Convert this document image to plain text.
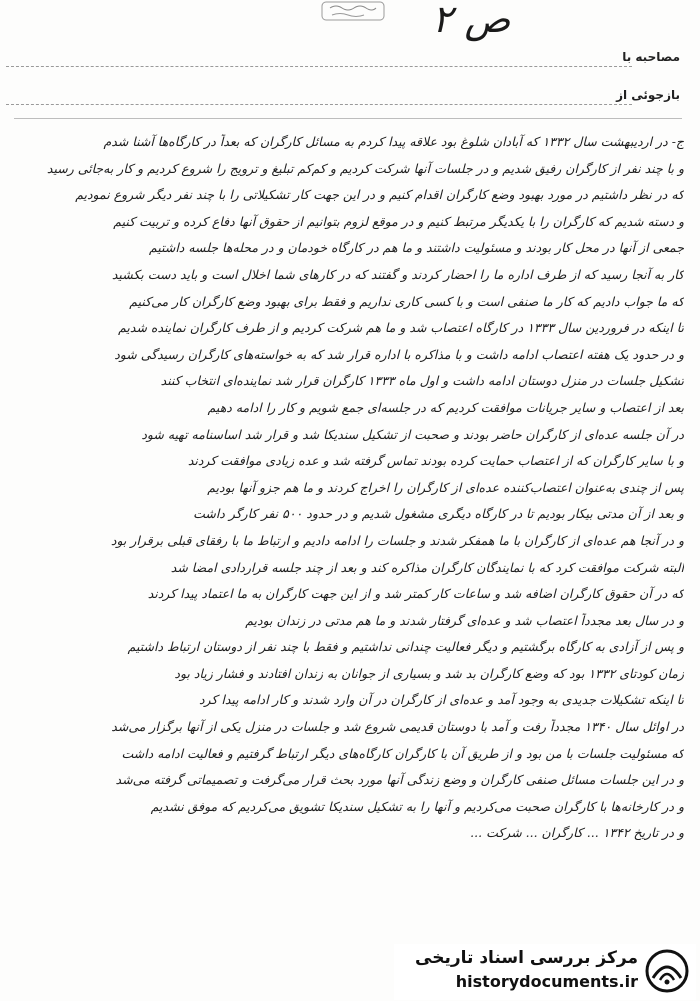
ص ۲
مصاحبه با
بازجوئی از
ج- در اردیبهشت سال ۱۳۳۲ که آبادان شلوغ بود علاقه پیدا کردم به مسائل کارگران که بعداً در کارگاه‌ها آشنا شدم
و با چند نفر از کارگران رفیق شدیم و در جلسات آنها شرکت کردیم و کم‌کم تبلیغ و ترویج را شروع کردیم و کار به‌جائی رسید
که در نظر داشتیم در مورد بهبود وضع کارگران اقدام کنیم و در این جهت کار تشکیلاتی را با چند نفر دیگر شروع نمودیم
و دسته شدیم که کارگران را با یکدیگر مرتبط کنیم و در موقع لزوم بتوانیم از حقوق آنها دفاع کرده و تربیت کنیم
جمعی از آنها در محل کار بودند و مسئولیت داشتند و ما هم در کارگاه خودمان و در محله‌ها جلسه داشتیم
کار به آنجا رسید که از طرف اداره ما را احضار کردند و گفتند که در کارهای شما اخلال است و باید دست بکشید
که ما جواب دادیم که کار ما صنفی است و با کسی کاری نداریم و فقط برای بهبود وضع کارگران کار می‌کنیم
تا اینکه در فروردین سال ۱۳۳۳ در کارگاه اعتصاب شد و ما هم شرکت کردیم و از طرف کارگران نماینده شدیم
و در حدود یک هفته اعتصاب ادامه داشت و با مذاکره با اداره قرار شد که به خواسته‌های کارگران رسیدگی شود
تشکیل جلسات در منزل دوستان ادامه داشت و اول ماه ۱۳۳۳ کارگران قرار شد نماینده‌ای انتخاب کنند
بعد از اعتصاب و سایر جریانات موافقت کردیم که در جلسه‌ای جمع شویم و کار را ادامه دهیم
در آن جلسه عده‌ای از کارگران حاضر بودند و صحبت از تشکیل سندیکا شد و قرار شد اساسنامه تهیه شود
و با سایر کارگران که از اعتصاب حمایت کرده بودند تماس گرفته شد و عده زیادی موافقت کردند
پس از چندی به‌عنوان اعتصاب‌کننده عده‌ای از کارگران را اخراج کردند و ما هم جزو آنها بودیم
و بعد از آن مدتی بیکار بودیم تا در کارگاه دیگری مشغول شدیم و در حدود ۵۰۰ نفر کارگر داشت
و در آنجا هم عده‌ای از کارگران با ما همفکر شدند و جلسات را ادامه دادیم و ارتباط ما با رفقای قبلی برقرار بود
البته شرکت موافقت کرد که با نمایندگان کارگران مذاکره کند و بعد از چند جلسه قراردادی امضا شد
که در آن حقوق کارگران اضافه شد و ساعات کار کمتر شد و از این جهت کارگران به ما اعتماد پیدا کردند
و در سال بعد مجدداً اعتصاب شد و عده‌ای گرفتار شدند و ما هم مدتی در زندان بودیم
و پس از آزادی به کارگاه برگشتیم و دیگر فعالیت چندانی نداشتیم و فقط با چند نفر از دوستان ارتباط داشتیم
زمان کودتای ۱۳۳۲ بود که وضع کارگران بد شد و بسیاری از جوانان به زندان افتادند و فشار زیاد بود
تا اینکه تشکیلات جدیدی به وجود آمد و عده‌ای از کارگران در آن وارد شدند و کار ادامه پیدا کرد
در اوائل سال ۱۳۴۰ مجدداً رفت و آمد با دوستان قدیمی شروع شد و جلسات در منزل یکی از آنها برگزار می‌شد
که مسئولیت جلسات با من بود و از طریق آن با کارگران کارگاه‌های دیگر ارتباط گرفتیم و فعالیت ادامه داشت
و در این جلسات مسائل صنفی کارگران و وضع زندگی آنها مورد بحث قرار می‌گرفت و تصمیماتی گرفته می‌شد
و در کارخانه‌ها با کارگران صحبت می‌کردیم و آنها را به تشکیل سندیکا تشویق می‌کردیم که موفق نشدیم
و در تاریخ ۱۳۴۲ ... کارگران ... شرکت ...
مرکز بررسی اسناد تاریخی
historydocuments.ir
